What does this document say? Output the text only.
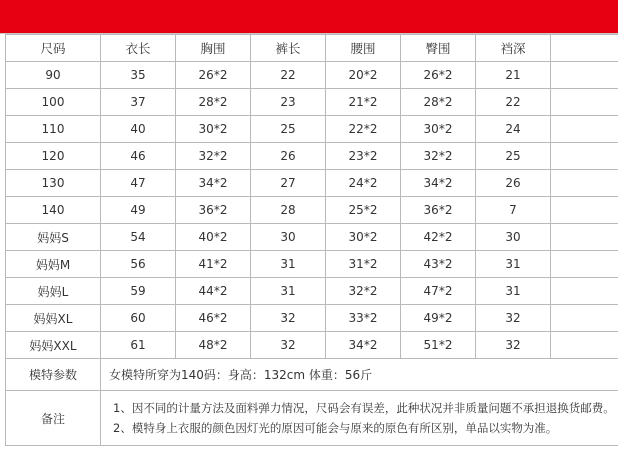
尺码	衣长	胸围	裤长	腰围	臀围	裆深	
90	35	26*2	22	20*2	26*2	21	
100	37	28*2	23	21*2	28*2	22	
110	40	30*2	25	22*2	30*2	24	
120	46	32*2	26	23*2	32*2	25	
130	47	34*2	27	24*2	34*2	26	
140	49	36*2	28	25*2	36*2	7	
妈妈S	54	40*2	30	30*2	42*2	30	
妈妈M	56	41*2	31	31*2	43*2	31	
妈妈L	59	44*2	31	32*2	47*2	31	
妈妈XL	60	46*2	32	33*2	49*2	32	
妈妈XXL	61	48*2	32	34*2	51*2	32	
模特参数	女模特所穿为140码：身高：132cm 体重：56斤						
备注	1、因不同的计量方法及面料弹力情况，尺码会有误差，此种状况并非质量问题不承担退换货邮费。
2、模特身上衣服的颜色因灯光的原因可能会与原来的原色有所区别，单品以实物为准。						
